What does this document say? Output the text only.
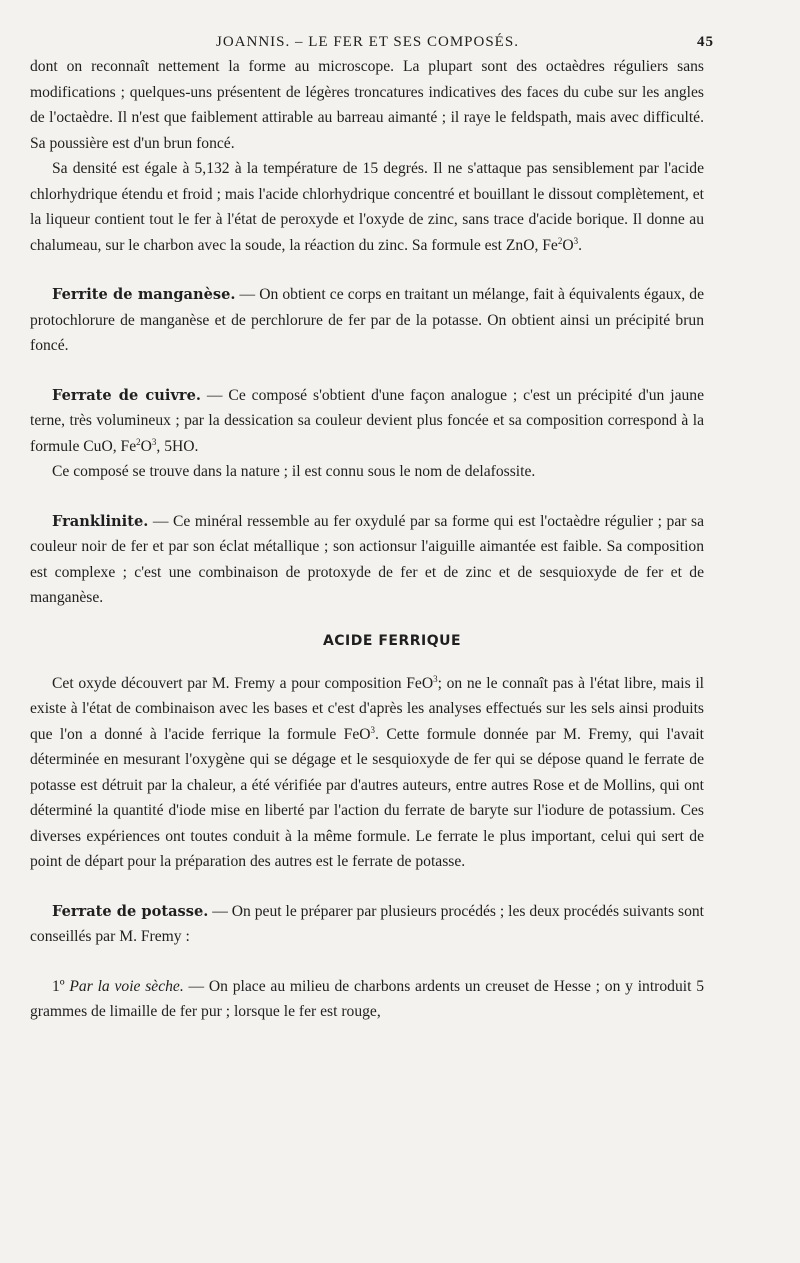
JOANNIS. – LE FER ET SES COMPOSÉS.	45

dont on reconnaît nettement la forme au microscope. La plupart sont des octaèdres réguliers sans modifications ; quelques-uns présentent de légères troncatures indicatives des faces du cube sur les angles de l'octaèdre. Il n'est que faiblement attirable au barreau aimanté ; il raye le feldspath, mais avec difficulté. Sa poussière est d'un brun foncé.

Sa densité est égale à 5,132 à la température de 15 degrés. Il ne s'attaque pas sensiblement par l'acide chlorhydrique étendu et froid ; mais l'acide chlorhydrique concentré et bouillant le dissout complètement, et la liqueur contient tout le fer à l'état de peroxyde et l'oxyde de zinc, sans trace d'acide borique. Il donne au chalumeau, sur le charbon avec la soude, la réaction du zinc. Sa formule est ZnO, $Fe^2O^3$.

Ferrite de manganèse. — On obtient ce corps en traitant un mélange, fait à équivalents égaux, de protochlorure de manganèse et de perchlorure de fer par de la potasse. On obtient ainsi un précipité brun foncé.

Ferrate de cuivre. — Ce composé s'obtient d'une façon analogue ; c'est un précipité d'un jaune terne, très volumineux ; par la dessication sa couleur devient plus foncée et sa composition correspond à la formule CuO, $Fe^2O^3$, 5HO.

Ce composé se trouve dans la nature ; il est connu sous le nom de delafossite.

Franklinite. — Ce minéral ressemble au fer oxydulé par sa forme qui est l'octaèdre régulier ; par sa couleur noir de fer et par son éclat métallique ; son actionsur l'aiguille aimantée est faible. Sa composition est complexe ; c'est une combinaison de protoxyde de fer et de zinc et de sesquioxyde de fer et de manganèse.

ACIDE FERRIQUE

Cet oxyde découvert par M. Fremy a pour composition FeO$^3$; on ne le connaît pas à l'état libre, mais il existe à l'état de combinaison avec les bases et c'est d'après les analyses effectués sur les sels ainsi produits que l'on a donné à l'acide ferrique la formule FeO$^3$. Cette formule donnée par M. Fremy, qui l'avait déterminée en mesurant l'oxygène qui se dégage et le sesquioxyde de fer qui se dépose quand le ferrate de potasse est détruit par la chaleur, a été vérifiée par d'autres auteurs, entre autres Rose et de Mollins, qui ont déterminé la quantité d'iode mise en liberté par l'action du ferrate de baryte sur l'iodure de potassium. Ces diverses expériences ont toutes conduit à la même formule. Le ferrate le plus important, celui qui sert de point de départ pour la préparation des autres est le ferrate de potasse.

Ferrate de potasse. — On peut le préparer par plusieurs procédés ; les deux procédés suivants sont conseillés par M. Fremy :

1º Par la voie sèche. — On place au milieu de charbons ardents un creuset de Hesse ; on y introduit 5 grammes de limaille de fer pur ; lorsque le fer est rouge,
